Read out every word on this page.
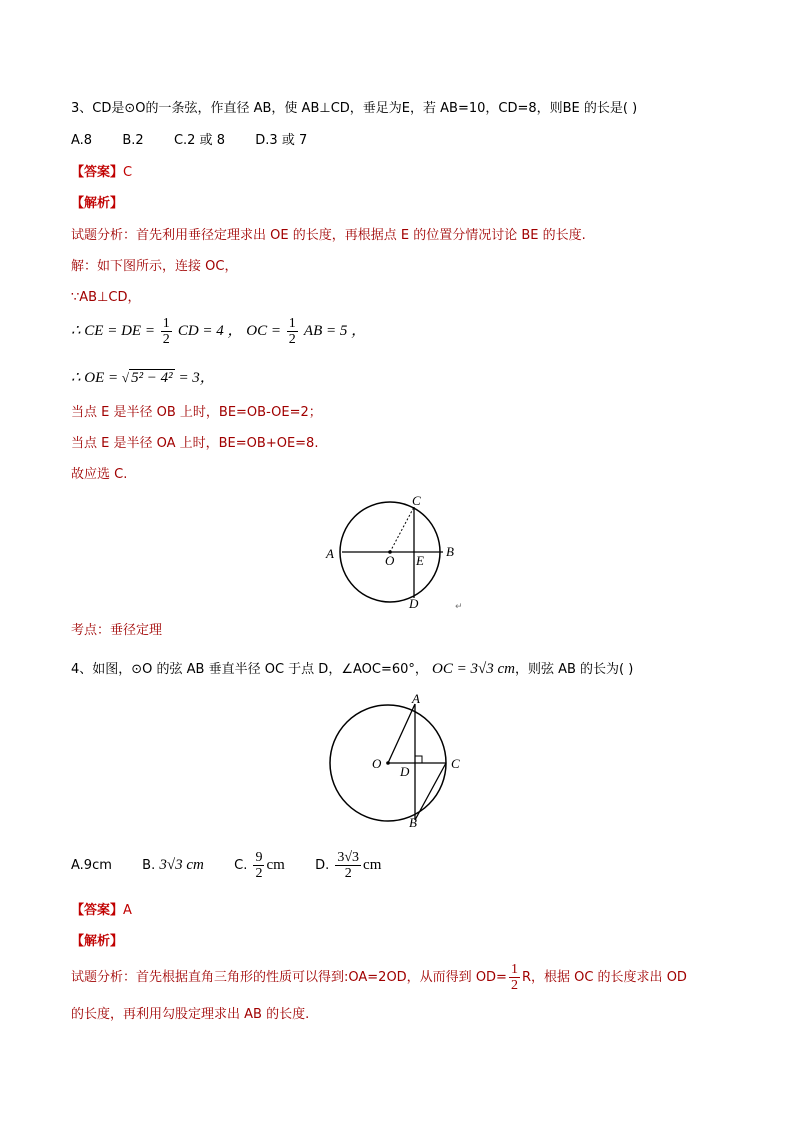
3、CD是⊙O的一条弦，作直径 AB，使 AB⊥CD，垂足为E，若 AB=10，CD=8，则BE 的长是( )
A.8 B.2 C.2 或 8 D.3 或 7
【答案】C
【解析】
试题分析：首先利用垂径定理求出 OE 的长度，再根据点 E 的位置分情况讨论 BE 的长度.
解：如下图所示，连接 OC，
∵AB⊥CD，
∴ CE = DE = $\frac{1}{2}$ CD = 4 ， OC = $\frac{1}{2}$ AB = 5 ，
∴ OE = √ 5² − 4² = 3，
当点 E 是半径 OB 上时，BE=OB-OE=2；
当点 E 是半径 OA 上时，BE=OB+OE=8.
故应选 C.
A	B
C
D
O E
↵
考点：垂径定理
4、如图，⊙O 的弦 AB 垂直半径 OC 于点 D，∠AOC=60°， OC = 3√3 cm，则弦 AB 的长为( )
A
B
C
D
O
A.9cm B. 3√3 cm C. $\frac{9}{2}$ cm D. $\frac{3√3}{2}$ cm
【答案】A
【解析】
试题分析：首先根据直角三角形的性质可以得到:OA=2OD，从而得到 $OD= \frac{1}{2}$ R，根据 OC 的长度求出 OD
的长度，再利用勾股定理求出 AB 的长度.
